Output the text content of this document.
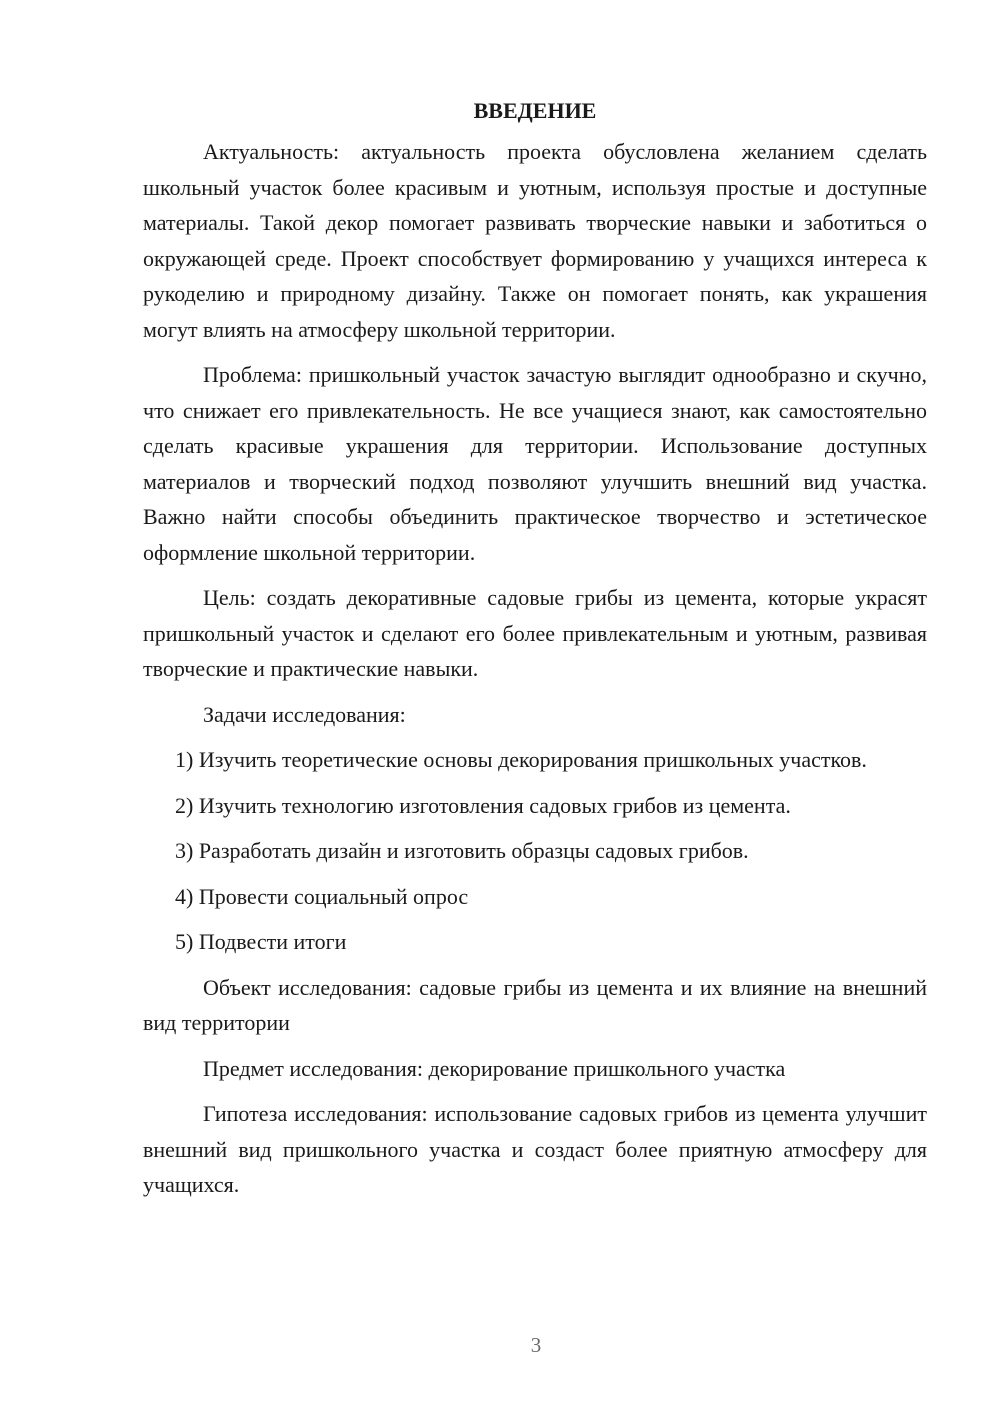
ВВЕДЕНИЕ

Актуальность: актуальность проекта обусловлена желанием сделать школьный участок более красивым и уютным, используя простые и доступные материалы. Такой декор помогает развивать творческие навыки и заботиться о окружающей среде. Проект способствует формированию у учащихся интереса к рукоделию и природному дизайну. Также он помогает понять, как украшения могут влиять на атмосферу школьной территории.

Проблема: пришкольный участок зачастую выглядит однообразно и скучно, что снижает его привлекательность. Не все учащиеся знают, как самостоятельно сделать красивые украшения для территории. Использование доступных материалов и творческий подход позволяют улучшить внешний вид участка. Важно найти способы объединить практическое творчество и эстетическое оформление школьной территории.

Цель: создать декоративные садовые грибы из цемента, которые украсят пришкольный участок и сделают его более привлекательным и уютным, развивая творческие и практические навыки.

Задачи исследования:

1) Изучить теоретические основы декорирования пришкольных участков.

2) Изучить технологию изготовления садовых грибов из цемента.

3) Разработать дизайн и изготовить образцы садовых грибов.

4) Провести социальный опрос

5) Подвести итоги

Объект исследования: садовые грибы из цемента и их влияние на внешний вид территории

Предмет исследования: декорирование пришкольного участка

Гипотеза исследования: использование садовых грибов из цемента улучшит внешний вид пришкольного участка и создаст более приятную атмосферу для учащихся.

3
